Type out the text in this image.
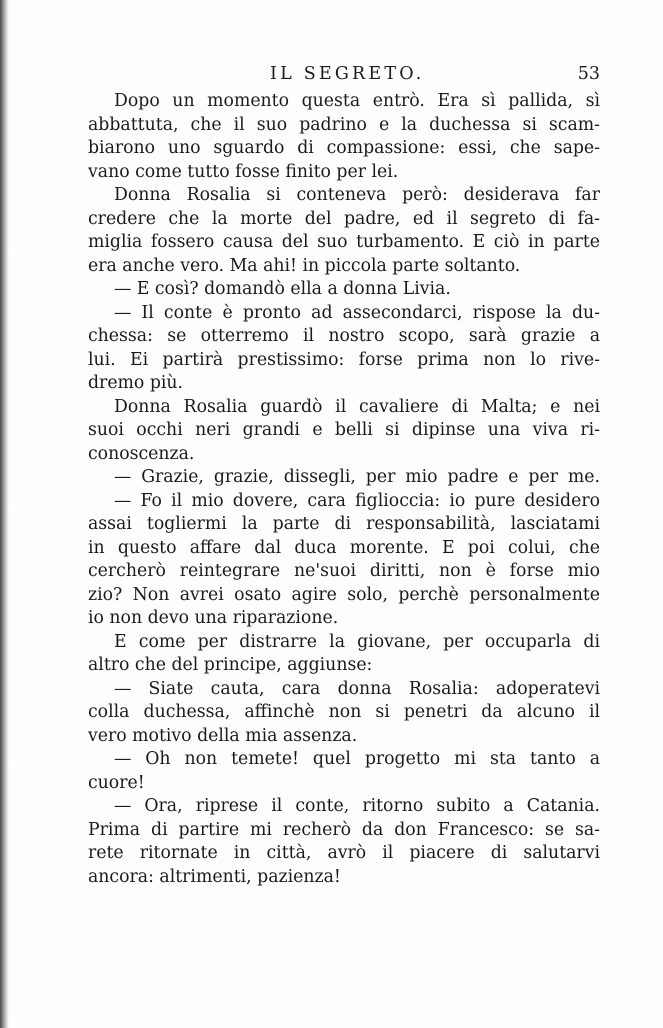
IL SEGRETO.	53
Dopo un momento questa entrò. Era sì pallida, sì
abbattuta, che il suo padrino e la duchessa si scam-
biarono uno sguardo di compassione: essi, che sape-
vano come tutto fosse finito per lei.
Donna Rosalia si conteneva però: desiderava far
credere che la morte del padre, ed il segreto di fa-
miglia fossero causa del suo turbamento. E ciò in parte
era anche vero. Ma ahi! in piccola parte soltanto.
— E così? domandò ella a donna Livia.
— Il conte è pronto ad assecondarci, rispose la du-
chessa: se otterremo il nostro scopo, sarà grazie a
lui. Ei partirà prestissimo: forse prima non lo rive-
dremo più.
Donna Rosalia guardò il cavaliere di Malta; e nei
suoi occhi neri grandi e belli si dipinse una viva ri-
conoscenza.
— Grazie, grazie, dissegli, per mio padre e per me.
— Fo il mio dovere, cara figlioccia: io pure desidero
assai togliermi la parte di responsabilità, lasciatami
in questo affare dal duca morente. E poi colui, che
cercherò reintegrare ne'suoi diritti, non è forse mio
zio? Non avrei osato agire solo, perchè personalmente
io non devo una riparazione.
E come per distrarre la giovane, per occuparla di
altro che del principe, aggiunse:
— Siate cauta, cara donna Rosalia: adoperatevi
colla duchessa, affinchè non si penetri da alcuno il
vero motivo della mia assenza.
— Oh non temete! quel progetto mi sta tanto a
cuore!
— Ora, riprese il conte, ritorno subito a Catania.
Prima di partire mi recherò da don Francesco: se sa-
rete ritornate in città, avrò il piacere di salutarvi
ancora: altrimenti, pazienza!
